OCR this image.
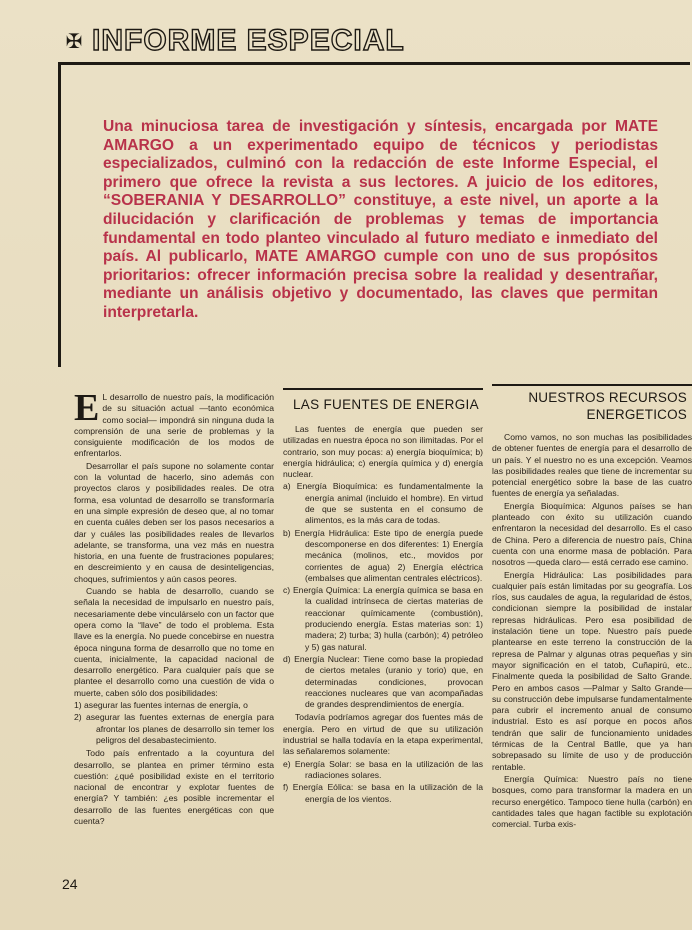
✠ INFORME ESPECIAL
Una minuciosa tarea de investigación y síntesis, encargada por MATE AMARGO a un experimentado equipo de técnicos y periodistas especializados, culminó con la redacción de este Informe Especial, el primero que ofrece la revista a sus lectores. A juicio de los editores, “SOBERANIA Y DESARROLLO” constituye, a este nivel, un aporte a la dilucidación y clarificación de problemas y temas de importancia fundamental en todo planteo vinculado al futuro mediato e inmediato del país. Al publicarlo, MATE AMARGO cumple con uno de sus propósitos prioritarios: ofrecer información precisa sobre la realidad y desentrañar, mediante un análisis objetivo y documentado, las claves que permitan interpretarla.

E L desarrollo de nuestro país, la modificación de su situación actual —tanto económica como social— impondrá sin ninguna duda la comprensión de una serie de problemas y la consiguiente modificación de los modos de enfrentarlos.

Desarrollar el país supone no solamente contar con la voluntad de hacerlo, sino además con proyectos claros y posibilidades reales. De otra forma, esa voluntad de desarrollo se transformaría en una simple expresión de deseo que, al no tomar en cuenta cuáles deben ser los pasos necesarios a dar y cuáles las posibilidades reales de llevarlos adelante, se transforma, una vez más en nuestra historia, en una fuente de frustraciones populares; en descreimiento y en causa de desinteligencias, choques, sufrimientos y aún casos peores.

Cuando se habla de desarrollo, cuando se señala la necesidad de impulsarlo en nuestro país, necesariamente debe vinculárselo con un factor que opera como la “llave” de todo el problema. Esta llave es la energía. No puede concebirse en nuestra época ninguna forma de desarrollo que no tome en cuenta, inicialmente, la capacidad nacional de desarrollo energético. Para cualquier país que se plantee el desarrollo como una cuestión de vida o muerte, caben sólo dos posibilidades:

1) asegurar las fuentes internas de energía, o
2) asegurar las fuentes externas de energía para afrontar los planes de desarrollo sin temer los peligros del desabastecimiento.

Todo país enfrentado a la coyuntura del desarrollo, se plantea en primer término esta cuestión: ¿qué posibilidad existe en el territorio nacional de encontrar y explotar fuentes de energía? Y también: ¿es posible incrementar el desarrollo de las fuentes energéticas con que cuenta?

LAS FUENTES DE ENERGIA

Las fuentes de energía que pueden ser utilizadas en nuestra época no son ilimitadas. Por el contrario, son muy pocas: a) energía bioquímica; b) energía hidráulica; c) energía química y d) energía nuclear.

a) Energía Bioquímica: es fundamentalmente la energía animal (incluido el hombre). En virtud de que se sustenta en el consumo de alimentos, es la más cara de todas.
b) Energía Hidráulica: Este tipo de energía puede descomponerse en dos diferentes: 1) Energía mecánica (molinos, etc., movidos por corrientes de agua) 2) Energía eléctrica (embalses que alimentan centrales eléctricos).
c) Energía Química: La energía química se basa en la cualidad intrínseca de ciertas materias de reaccionar químicamente (combustión), produciendo energía. Estas materias son: 1) madera; 2) turba; 3) hulla (carbón); 4) petróleo y 5) gas natural.
d) Energía Nuclear: Tiene como base la propiedad de ciertos metales (uranio y torio) que, en determinadas condiciones, provocan reacciones nucleares que van acompañadas de grandes desprendimientos de energía.

Todavía podríamos agregar dos fuentes más de energía. Pero en virtud de que su utilización industrial se halla todavía en la etapa experimental, las señalaremos solamente:

e) Energía Solar: se basa en la utilización de las radiaciones solares.
f) Energía Eólica: se basa en la utilización de la energía de los vientos.
NUESTROS RECURSOS ENERGETICOS

Como vamos, no son muchas las posibilidades de obtener fuentes de energía para el desarrollo de un país. Y el nuestro no es una excepción. Veamos las posibilidades reales que tiene de incrementar su potencial energético sobre la base de las cuatro fuentes de energía ya señaladas.

Energía Bioquímica: Algunos países se han planteado con éxito su utilización cuando enfrentaron la necesidad del desarrollo. Es el caso de China. Pero a diferencia de nuestro país, China cuenta con una enorme masa de población. Para nosotros —queda claro— está cerrado ese camino.

Energía Hidráulica: Las posibilidades para cualquier país están limitadas por su geografía. Los ríos, sus caudales de agua, la regularidad de éstos, condicionan siempre la posibilidad de instalar represas hidráulicas. Pero esa posibilidad de instalación tiene un tope. Nuestro país puede plantearse en este terreno la construcción de la represa de Palmar y algunas otras pequeñas y sin mayor significación en el tatob, Cuñapirú, etc.. Finalmente queda la posibilidad de Salto Grande. Pero en ambos casos —Palmar y Salto Grande— su construcción debe impulsarse fundamentalmente para cubrir el incremento anual de consumo industrial. Esto es así porque en pocos años tendrán que salir de funcionamiento unidades térmicas de la Central Batlle, que ya han sobrepasado su límite de uso y de producción rentable.

Energía Química: Nuestro país no tiene bosques, como para transformar la madera en un recurso energético. Tampoco tiene hulla (carbón) en cantidades tales que hagan factible su explotación comercial. Turba exis-

24
